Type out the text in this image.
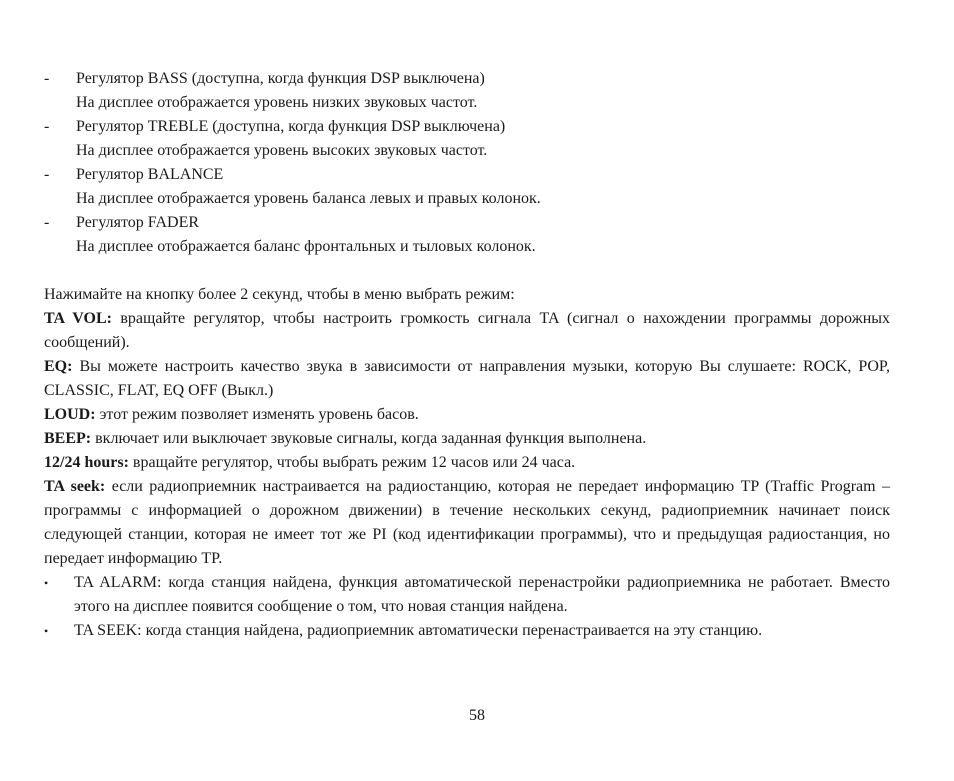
- Регулятор BASS (доступна, когда функция DSP выключена)
На дисплее отображается уровень низких звуковых частот.
- Регулятор TREBLE (доступна, когда функция DSP выключена)
На дисплее отображается уровень высоких звуковых частот.
- Регулятор BALANCE
На дисплее отображается уровень баланса левых и правых колонок.
- Регулятор FADER
На дисплее отображается баланс фронтальных и тыловых колонок.
Нажимайте на кнопку более 2 секунд, чтобы в меню выбрать режим:
TA VOL: вращайте регулятор, чтобы настроить громкость сигнала TA (сигнал о нахождении программы дорожных сообщений).
EQ: Вы можете настроить качество звука в зависимости от направления музыки, которую Вы слушаете: ROCK, POP, CLASSIC, FLAT, EQ OFF (Выкл.)
LOUD: этот режим позволяет изменять уровень басов.
BEEP: включает или выключает звуковые сигналы, когда заданная функция выполнена.
12/24 hours: вращайте регулятор, чтобы выбрать режим 12 часов или 24 часа.
TA seek: если радиоприемник настраивается на радиостанцию, которая не передает информацию TP (Traffic Program – программы с информацией о дорожном движении) в течение нескольких секунд, радиоприемник начинает поиск следующей станции, которая не имеет тот же PI (код идентификации программы), что и предыдущая радиостанция, но передает информацию TP.
• TA ALARM: когда станция найдена, функция автоматической перенастройки радиоприемника не работает. Вместо этого на дисплее появится сообщение о том, что новая станция найдена.
• TA SEEK: когда станция найдена, радиоприемник автоматически перенастраивается на эту станцию.
58
